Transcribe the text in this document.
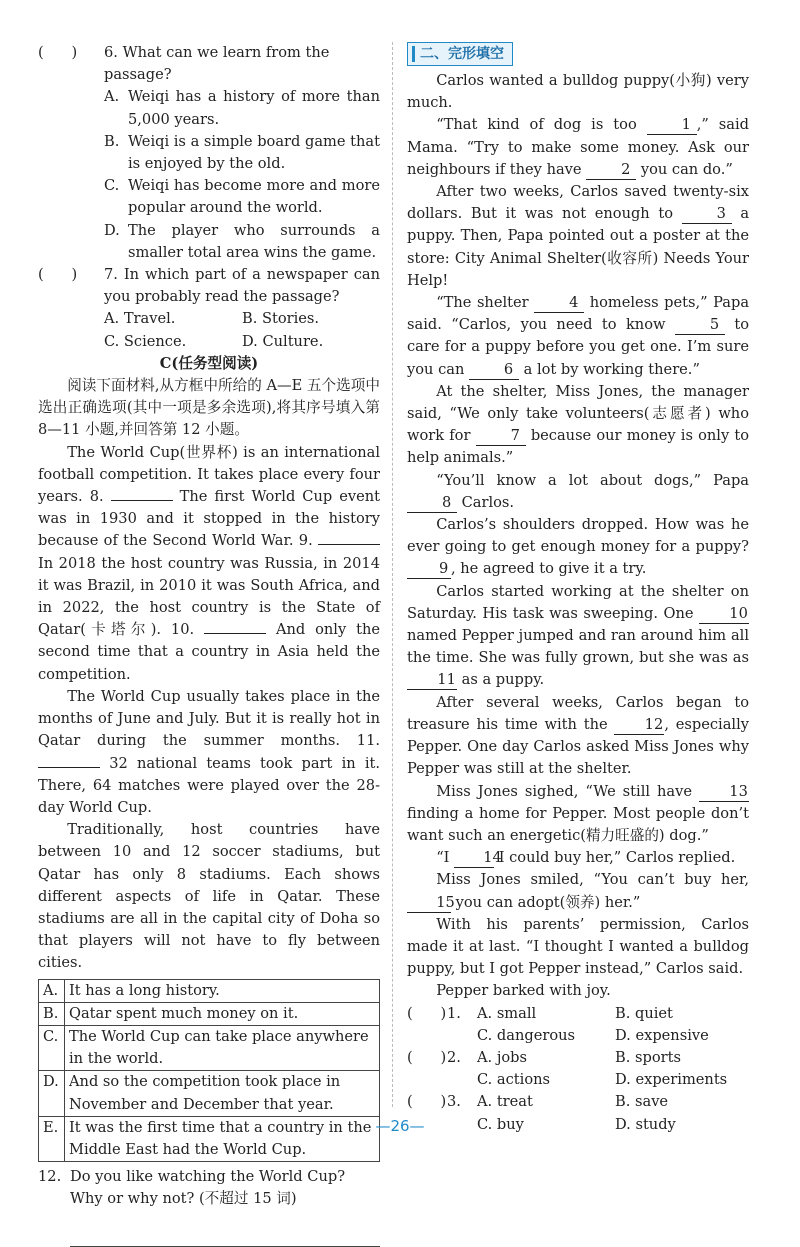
(      )	6. What can we learn from the passage?
A. Weiqi has a history of more than 5,000 years.
B. Weiqi is a simple board game that is enjoyed by the old.
C. Weiqi has become more and more popular around the world.
D. The player who surrounds a smaller total area wins the game.
(      )	7. In which part of a newspaper can you probably read the passage?
A. Travel.	B. Stories.
C. Science.	D. Culture.

C(任务型阅读)

阅读下面材料,从方框中所给的 A—E 五个选项中选出正确选项(其中一项是多余选项),将其序号填入第 8—11 小题,并回答第 12 小题。

The World Cup(世界杯) is an international football competition. It takes place every four years. 8.	The first World Cup event was in 1930 and it stopped in the history because of the Second World War. 9.  In 2018 the host country was Russia, in 2014 it was Brazil, in 2010 it was South Africa, and in 2022, the host country is the State of Qatar(卡塔尔). 10.	And only the second time that a country in Asia held the competition.

The World Cup usually takes place in the months of June and July. But it is really hot in Qatar during the summer months. 11.  32 national teams took part in it. There, 64 matches were played over the 28-day World Cup.

Traditionally, host countries have between 10 and 12 soccer stadiums, but Qatar has only 8 stadiums. Each shows different aspects of life in Qatar. These stadiums are all in the capital city of Doha so that players will not have to fly between cities.

A. It has a long history.
B. Qatar spent much money on it.
C. The World Cup can take place anywhere in the world.
D. And so the competition took place in November and December that year.
E. It was the first time that a country in the Middle East had the World Cup.
12. Do you like watching the World Cup? Why or why not? (不超过 15 词)
二、完形填空

Carlos wanted a bulldog puppy(小狗) very much.

“That kind of dog is too	1 ,” said Mama. “Try to make some money. Ask our neighbours if they have	2 you can do.”

After two weeks, Carlos saved twenty-six dollars. But it was not enough to	3 a puppy. Then, Papa pointed out a poster at the store: City Animal Shelter(收容所) Needs Your Help!

“The shelter	4 homeless pets,” Papa said. “Carlos, you need to know	5 to care for a puppy before you get one. I’m sure you can	6 a lot by working there.”

At the shelter, Miss Jones, the manager said, “We only take volunteers(志愿者) who work for	7 because our money is only to help animals.”

“You’ll know a lot about dogs,” Papa 8 Carlos.

Carlos’s shoulders dropped. How was he ever going to get enough money for a puppy? 9 , he agreed to give it a try.

Carlos started working at the shelter on Saturday. His task was sweeping. One 10 named Pepper jumped and ran around him all the time. She was fully grown, but she was as 11 as a puppy.

After several weeks, Carlos began to treasure his time with the	12, especially Pepper. One day Carlos asked Miss Jones why Pepper was still at the shelter.

Miss Jones sighed, “We still have	13 finding a home for Pepper. Most people don’t want such an energetic(精力旺盛的) dog.”

“I 14 I could buy her,” Carlos replied.

Miss Jones smiled, “You can’t buy her, 15 you can adopt(领养) her.”

With his parents’ permission, Carlos made it at last. “I thought I wanted a bulldog puppy, but I got Pepper instead,” Carlos said.

Pepper barked with joy.

(      ) 1.	A. small	B. quiet
C. dangerous	D. expensive
(      ) 2.	A. jobs	B. sports
C. actions	D. experiments
(      ) 3.	A. treat	B. save
C. buy	D. study
—26—
